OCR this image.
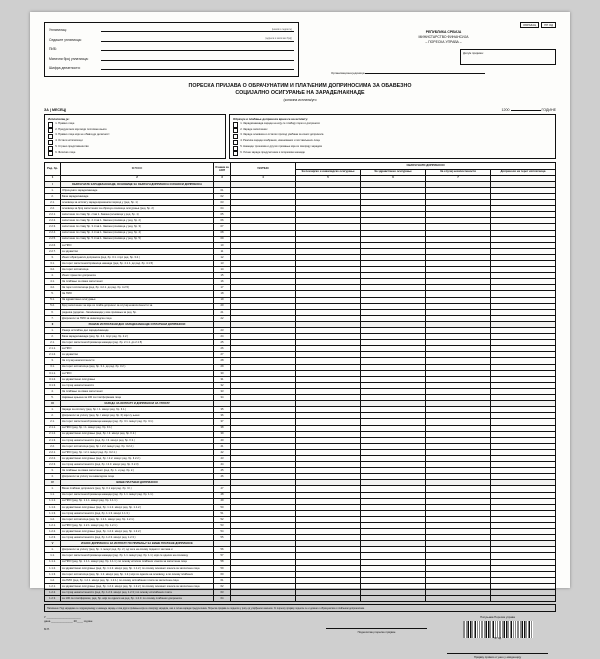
Уплатилац:	(назив и седиште)
Седиште уплатиоца:	(адреса и матични број)
ПИБ:
Матични број уплатиоца:
Шифра делатности:
ОБРАЗАЦ	ПП ОД
РЕПУБЛИКА СРБИЈА
МИНИСТАРСТВО ФИНАНСИЈА
– ПОРЕСКА УПРАВА –
Датум пријема:
Организациона јединица
ПОРЕСКА ПРИЈАВА О ОБРАЧУНАТИМ И ПЛАЋЕНИМ ДОПРИНОСИМА ЗА ОБАВЕЗНО
СОЦИЈАЛНО ОСИГУРАЊЕ НА ЗАРАДЕ/НАКНАДЕ
(коначна исплата/уго
ЗА ( МЕСЕЦ)	1200	ГОДИНЕ
Исплатилац је:
1. Правно лице
2. Предузетник који води пословне књиге
3. Правно лице које не обављује делатност
4. Остали исплатиоци
5. Страно представништво
6. Физичко лице
Обрачун и плаћање доприноса врши се на исплату:
1. Зарада/накнада зараде на коју се плаћају порез и доприноси
2. Зараде запослених
3. Зараде оснивача и осталих приход увећана за износ доприноса
4. Разлике зараде изабраних, именованих и постављених лица
5. Накнаде трошкова и других примања која се сматрају зарадом
6. Личне зараде предузетника и опорезиве накнаде
Ред. бр.	О П И С	Ознака за АОП	УКУПНО	ОБРАЧУНАТИ ДОПРИНОСИ			
				За пензијско и инвалидско осигурање	За здравствено осигурање	За случај незапослености	Доприноси на терет исплатиоца
1	2	3	4	5	6	7	
I	ОБРАЧУНАТЕ ЗАРАДЕ/НАКНАДЕ, ОСНОВИЦЕ ЗА ОБРАЧУН ДОПРИНОСА И ИЗНОСИ ДОПРИНОСА						
1.	Обрачунате зараде/накнаде	01					
2.	База зараде/накнаде	02					
2.1.	основица за исплату зарада временски период у (ред. бр. 1)	03					
2.2.	основица за број запослених за обрачун основице осигурања (ред. бр. 2)	04					
2.2.1.	запослени по ставу бр. став 1. Закона (основица у ред. бр. 1)	05					
2.2.2.	запослени по ставу бр. 2 став 1. Закона (основица у ред. бр. 2)	06					
2.2.3.	запослени по ставу бр. 3 став 1. Закона (основица у ред. бр. 3)	07					
2.2.4.	запослени по ставу бр. 4 став 1. Закона (основица у ред. бр. 4)	08					
2.2.5.	запослени по ставу бр. 5 став 1. Закона (основица у ред. бр. 5)	09					
2.2.6.	за ПИО	10					
2.2.7.	за здравство	11					
3.	Износ обрачунатих доприноса (ред. бр. 3.1. плус ред. бр. 3.2.)	12					
3.1.	На терет запослених/примаоца накнада (ред. бр. 4.1.1. до ред. бр. 4.1.5)	13					
3.2.	На терет исплатиоца	14					
4.	Износ пренетих доприноса	15					
4.1.	За плаћање за сваке запосленог	16					
4.2.	За терет исплатиоца (ред. бр. 4.2.1. до ред. бр. 4.2.5)	17					
5.	За ПИО	18					
5.1.	За здравствено осигурање	19					
5.2.	Број запослених за које се плаћа допринос за случај незапослености за	20					
6.	радника (додатак - база/накнада у име примања за ред. бр.	21					
7.	Доприноси за ПИО за инвалидска лица	22					
II	РАНИЈЕ ИСПЛАЋЕНИ ДЕО ЗАРАДЕ/НАКНАДЕ И ПЛАЋЕНИ ДОПРИНОСИ						
1.	Раније исплаћен део зараде/накнаде	23					
2.	База зараде/накнаде (ред. бр. 2.1. плус ред. бр. 2.2.)	24					
2.1.	На терет запосленог/примаоца накнаде (ред. бр. 2.1.1. до 2.1.5)	25					
2.1.1.	за ПИО	26					
2.1.2.	за здравство	27					
3.	За случај незапослености	28					
3.1.	На терет исплатиоца (ред. бр. 3.1. до ред. бр. 3.2.)	29					
3.1.1.	за ПИО	30					
3.1.2.	за здравствено осигурање	31					
3.1.3.	за случај незапослености	32					
4.	За плаћање за сваке запосленог	33					
5.	Најмања цењена за 100 са платформама лица	34					
III	ЗАРАДА ЗА ИСПЛАТУ И ДОПРИНОСИ ЗА УПЛАТУ						
1.	Зараде за исплату (ред. бр. I.1. минус ред. бр. II.1.)	35					
2.	Доприноси за уплату (ред. бр. I минус ред. бр. II) који су њени	36					
2.1.	На терет запосленог/примаоца накнаде (ред. бр. II.1. минус ред. бр. II.1.)	37					
2.1.1.	за ПИО (ред. бр. I.1. минус ред. бр. II.1.)	38					
2.1.2.	за здравствено осигурање (ред. бр. I.2. минус ред. бр. II.2.)	39					
2.1.3.	за случај незапослености (ред. бр. I.3. минус ред. бр. II.3.)	40					
2.2.	На терет исплатиоца (ред. бр. I.2.2. минус ред. бр. II.2.2.)	41					
2.2.1.	за ПИО (ред. бр. I.2.1. минус ред. бр. II.2.1.)	42					
2.2.2.	за здравствено осигурање (ред. бр. I.2.2. минус ред. бр. II.2.2.)	43					
2.2.3.	за случај незапослености (ред. бр. I.2.3. минус ред. бр. II.2.3)	44					
3.	За плаћање за сваке запосленог (ред. бр. 1. и ред. бр. 2.)	45					
4.	Доприноси за уплату за инвалидска лица	46					
IV	ВИШЕ ПЛАЋЕНИ ДОПРИНОСИ						
1.	Више плаћени доприноси (ред. бр. II.1 који ред. бр. I.II.)	47					
1.1.	На терет запосленог/примаоца накнаде (ред. бр. 1.1. минус ред. бр. 1.1.)	48					
1.1.1.	за ПИО (ред. бр. 1.1.1. минус ред. бр. 1.1.1.)	49					
1.1.2.	за здравствено осигурање (ред. бр. 1.1.2. минус ред. бр. 1.1.2.)	50					
1.1.3.	за случај незапослености (ред. бр. 1.1.3. минус 1.1.3.)	51					
1.2.	На терет исплатиоца (ред. бр. 1.2.1. минус ред. бр. 1.2.1.)	52					
1.2.1.	за ПИО (ред. бр. 1.2.1. минус ред. бр. 1.2.1.)	53					
1.2.2.	за здравствено осигурање (ред. бр. 1.2.2. минус ред. бр. 1.2.2.)	54					
1.2.3.	за случај незапослености (ред. бр. 1.2.3. минус ред. 1.2.3.)	55					
V	ИЗНОС ДОПРИНОСА ЗА ИСПЛАТУ ПО ПРИМАЊУ ЗА ВИШЕ ПЛАЋЕНЕ ДОПРИНОСЕ						
1.	Доприноси за уплату (ред. бр. 1. минус ред. бр. 2.) од чега на основу поднетог захтева и	56					
1.1.	На терет запосленог/примаоца накнаде (ред. бр. 1.1. минус ред. бр. 1.1.) који се односе на основицу	57					
1.1.1.	за ПИО (ред. бр. 1.1.1. минус ред. бр. 1.1.1.) по основу исплате плаћеног износа за запослена лица	58					
1.1.2.	за здравствено осигурање (ред. бр. 1.1.2. минус ред. бр. 1.1.2.) по основу основног износа за запослена лица	59					
1.1.3.	На терет исплатиоца (ред. бр. 1.2. минус ред. бр. 1.2.) који се односе на основицу, а по основу плаћених	60					
1.2.	На ПИО (ред. бр. 1.2.1. минус ред. бр. 1.2.1.) по основу исплаћених плата за запослена лица	61					
1.2.1.	за здравствено осигурање (ред. бр. 1.2.2. минус ред. бр. 1.2.2.) по основу основног износа за запослена лица	62					
1.2.2.	за случај незапослености (ред. бр. 1.2.3. минус ред. 1.2.3.) по основу исплаћених плата	63					
1.2.3.	за 100 са платформом, ред. бр. који се односи на ред. бр. 1.2.3. по основу плаћених доприноса	64					
Напомена: Под зарадама се подразумевају и накнаде зараде и сва друга примања која се сматрају зарадом, као и лична зарада предузетника. Пореска пријава се подноси у року од утврђеном законом. Уз пореску пријаву подносе се и докази о обрачунатим и плаћеним доприносима.
У ______________________
дана ______________ 20____ године
М.П.
Подносилац пореске пријаве
Попуњава Пореска управа
ПП ОД
Пријаву примио и унео у евиденцију
